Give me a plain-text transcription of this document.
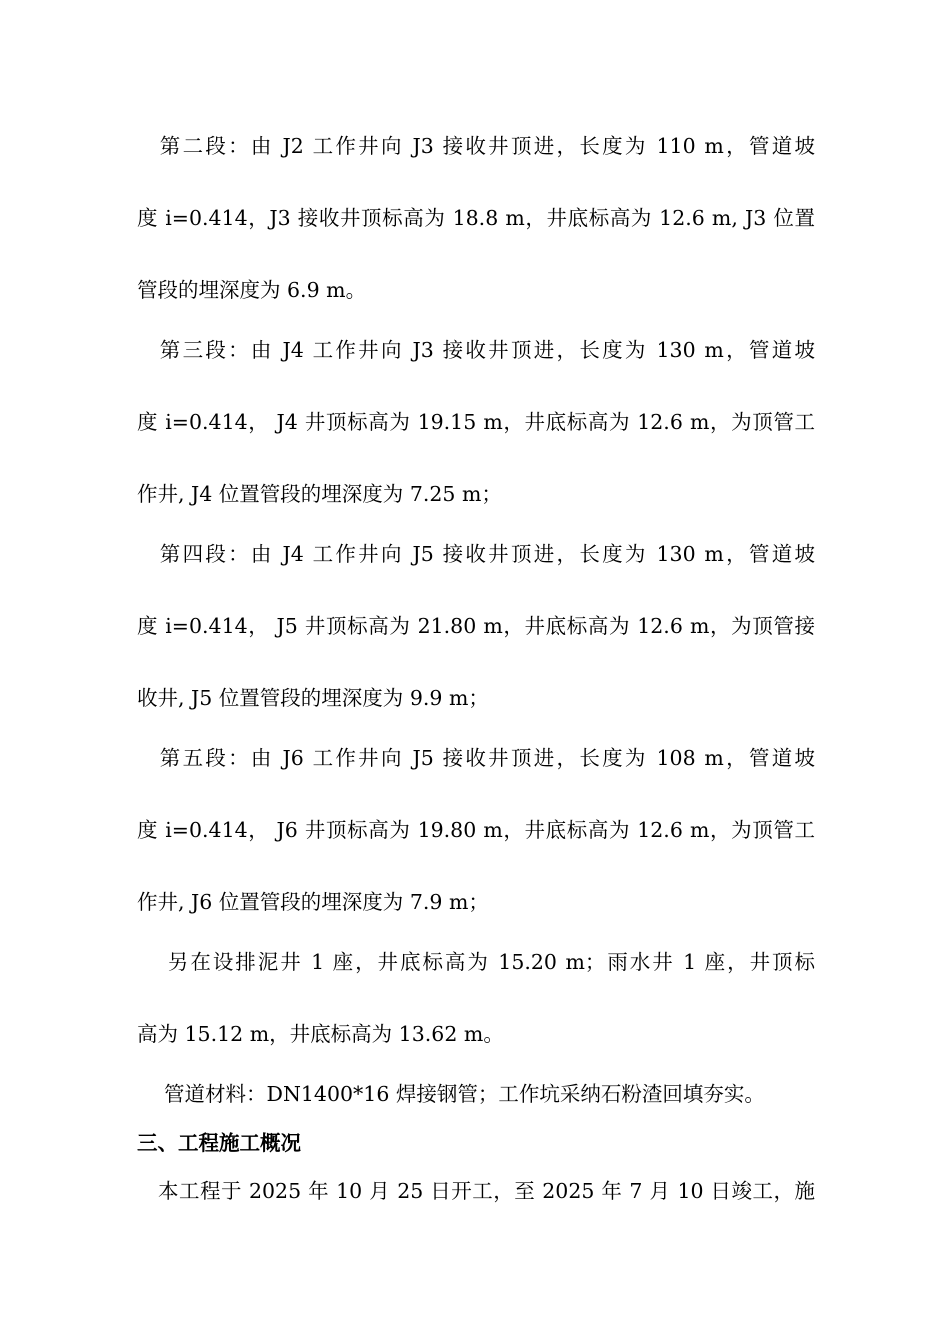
　第二段：由 J2 工作井向 J3 接收井顶进，长度为 110 m，管道坡
度 i=0.414，J3 接收井顶标高为 18.8 m，井底标高为 12.6 m, J3 位置
管段的埋深度为 6.9 m。
　第三段：由 J4 工作井向 J3 接收井顶进，长度为 130 m，管道坡
度 i=0.414， J4 井顶标高为 19.15 m，井底标高为 12.6 m，为顶管工
作井, J4 位置管段的埋深度为 7.25 m；
　第四段：由 J4 工作井向 J5 接收井顶进，长度为 130 m，管道坡
度 i=0.414， J5 井顶标高为 21.80 m，井底标高为 12.6 m，为顶管接
收井, J5 位置管段的埋深度为 9.9 m；
　第五段：由 J6 工作井向 J5 接收井顶进，长度为 108 m，管道坡
度 i=0.414， J6 井顶标高为 19.80 m，井底标高为 12.6 m，为顶管工
作井, J6 位置管段的埋深度为 7.9 m；
　 另在设排泥井 1 座，井底标高为 15.20 m；雨水井 1 座，井顶标
高为 15.12 m，井底标高为 13.62 m。
　 管道材料：DN1400*16 焊接钢管；工作坑采纳石粉渣回填夯实。
三、工程施工概况
　本工程于 2025 年 10 月 25 日开工，至 2025 年 7 月 10 日竣工，施
